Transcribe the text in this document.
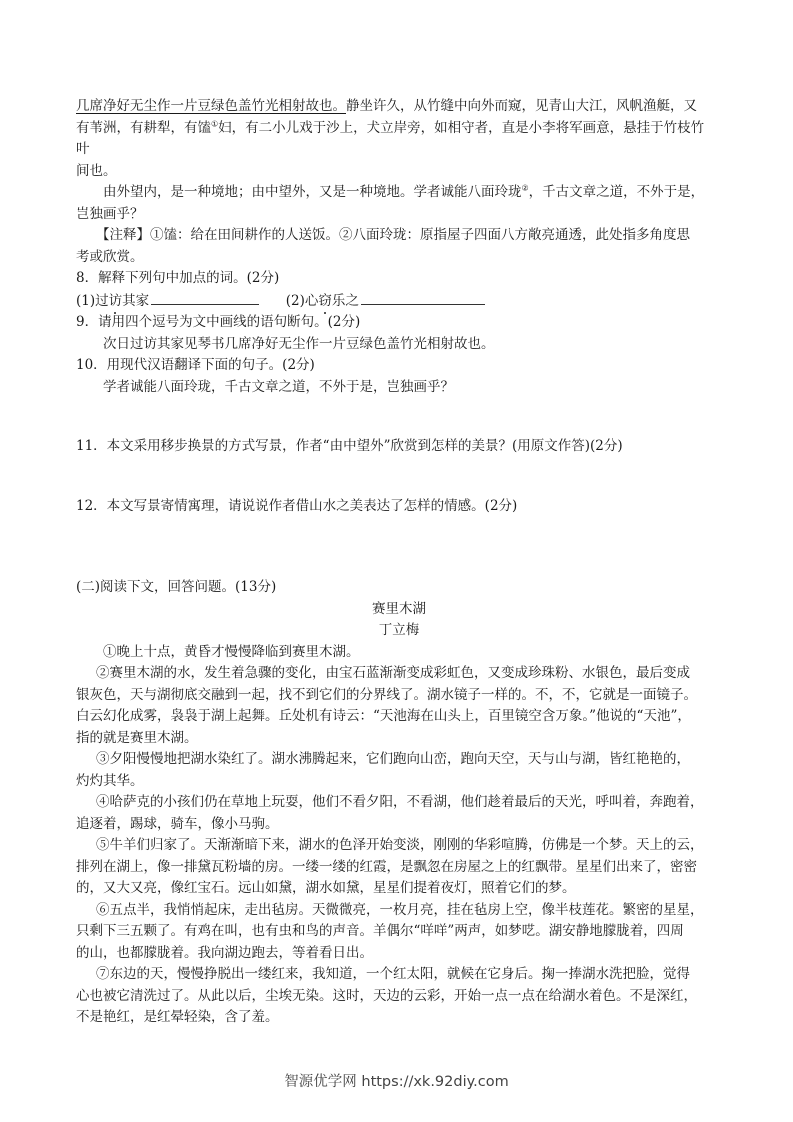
几席净好无尘作一片豆绿色盖竹光相射故也。静坐许久，从竹缝中向外而窥，见青山大江，风帆渔艇，又
有苇洲，有耕犁，有馌①妇，有二小儿戏于沙上，犬立岸旁，如相守者，直是小李将军画意，悬挂于竹枝竹
叶
间也。
由外望内，是一种境地；由中望外，又是一种境地。学者诚能八面玲珑②，千古文章之道，不外于是，
岂独画乎？
【注释】①馌：给在田间耕作的人送饭。②八面玲珑：原指屋子四面八方敞亮通透，此处指多角度思
考或欣赏。
8．解释下列句中加点的词。(2分)
(1)过访其家	(2)心窃乐之
9．请用四个逗号为文中画线的语句断句。(2分)
次日过访其家见琴书几席净好无尘作一片豆绿色盖竹光相射故也。
10．用现代汉语翻译下面的句子。(2分)
学者诚能八面玲珑，千古文章之道，不外于是，岂独画乎？
11．本文采用移步换景的方式写景，作者“由中望外”欣赏到怎样的美景？(用原文作答)(2分)
12．本文写景寄情寓理，请说说作者借山水之美表达了怎样的情感。(2分)
(二)阅读下文，回答问题。(13分)
赛里木湖
丁立梅
①晚上十点，黄昏才慢慢降临到赛里木湖。
②赛里木湖的水，发生着急骤的变化，由宝石蓝渐渐变成彩虹色，又变成珍珠粉、水银色，最后变成
银灰色，天与湖彻底交融到一起，找不到它们的分界线了。湖水镜子一样的。不，不，它就是一面镜子。
白云幻化成雾，袅袅于湖上起舞。丘处机有诗云：“天池海在山头上，百里镜空含万象。”他说的“天池”，
指的就是赛里木湖。
③夕阳慢慢地把湖水染红了。湖水沸腾起来，它们跑向山峦，跑向天空，天与山与湖，皆红艳艳的，
灼灼其华。
④哈萨克的小孩们仍在草地上玩耍，他们不看夕阳，不看湖，他们趁着最后的天光，呼叫着，奔跑着，
追逐着，踢球，骑车，像小马驹。
⑤牛羊们归家了。天渐渐暗下来，湖水的色泽开始变淡，刚刚的华彩喧腾，仿佛是一个梦。天上的云，
排列在湖上，像一排黛瓦粉墙的房。一缕一缕的红霞，是飘忽在房屋之上的红飘带。星星们出来了，密密
的，又大又亮，像红宝石。远山如黛，湖水如黛，星星们提着夜灯，照着它们的梦。
⑥五点半，我悄悄起床，走出毡房。天微微亮，一枚月亮，挂在毡房上空，像半枝莲花。繁密的星星，
只剩下三五颗了。有鸡在叫，也有虫和鸟的声音。羊偶尔“咩咩”两声，如梦呓。湖安静地朦胧着，四周
的山，也都朦胧着。我向湖边跑去，等着看日出。
⑦东边的天，慢慢挣脱出一缕红来，我知道，一个红太阳，就候在它身后。掬一捧湖水洗把脸，觉得
心也被它清洗过了。从此以后，尘埃无染。这时，天边的云彩，开始一点一点在给湖水着色。不是深红，
不是艳红，是红晕轻染，含了羞。
智源优学网 https://xk.92diy.com
